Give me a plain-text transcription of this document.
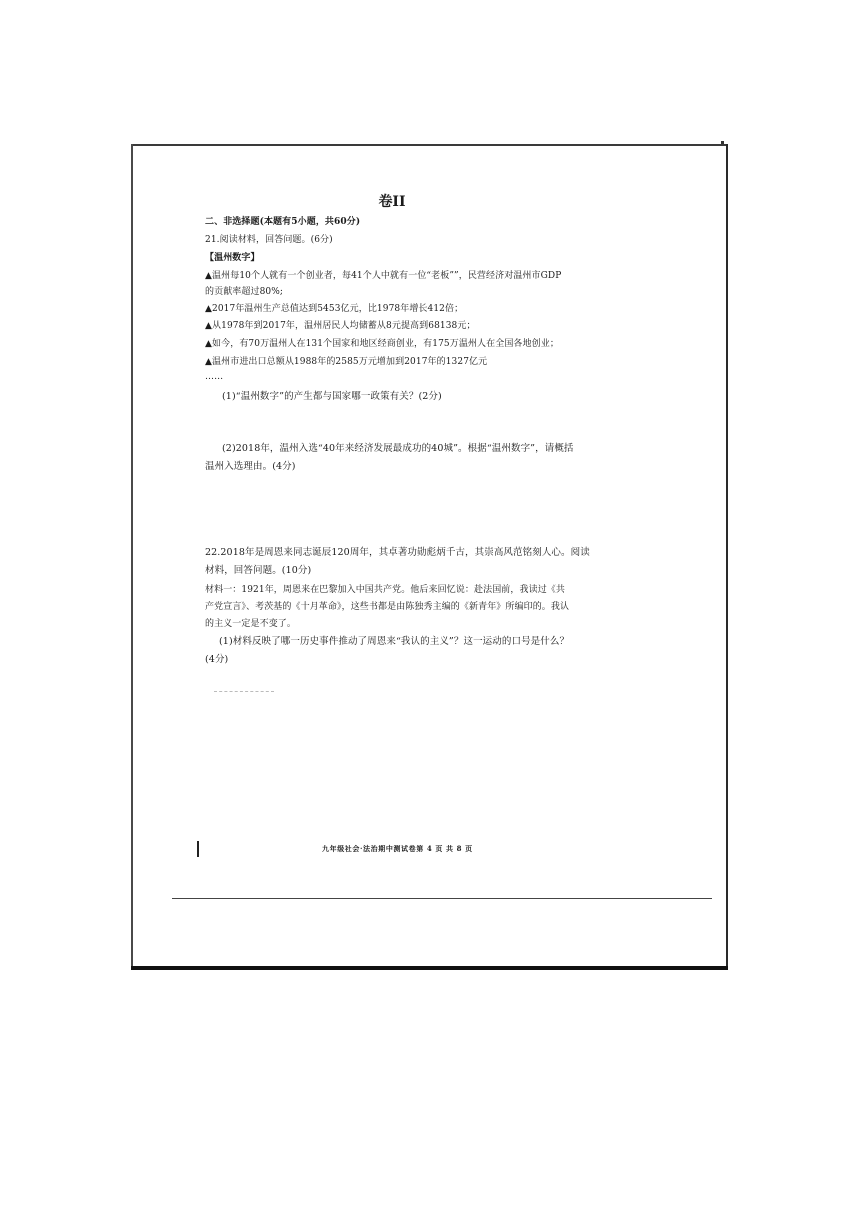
卷II
二、非选择题(本题有5小题，共60分)
21.阅读材料，回答问题。(6分)
【温州数字】
▲温州每10个人就有一个创业者，每41个人中就有一位“老板””，民营经济对温州市GDP
的贡献率超过80%;
▲2017年温州生产总值达到5453亿元，比1978年增长412倍；
▲从1978年到2017年，温州居民人均储蓄从8元提高到68138元；
▲如今，有70万温州人在131个国家和地区经商创业，有175万温州人在全国各地创业；
▲温州市进出口总额从1988年的2585万元增加到2017年的1327亿元
……
(1)“温州数字”的产生都与国家哪一政策有关？(2分)
(2)2018年，温州入选“40年来经济发展最成功的40城”。根据“温州数字”，请概括
温州入选理由。(4分)
22.2018年是周恩来同志诞辰120周年，其卓著功勋彪炳千古，其崇高风范铭刻人心。阅读
材料，回答问题。(10分)
材料一：1921年，周恩来在巴黎加入中国共产党。他后来回忆说：赴法国前，我读过《共
产党宣言》、考茨基的《十月革命》，这些书都是由陈独秀主编的《新青年》所编印的。我认
的主义一定是不变了。
(1)材料反映了哪一历史事件推动了周恩来“我认的主义”？这一运动的口号是什么？
(4分)
九年级社会·法治期中测试卷第 4 页 共 8 页
